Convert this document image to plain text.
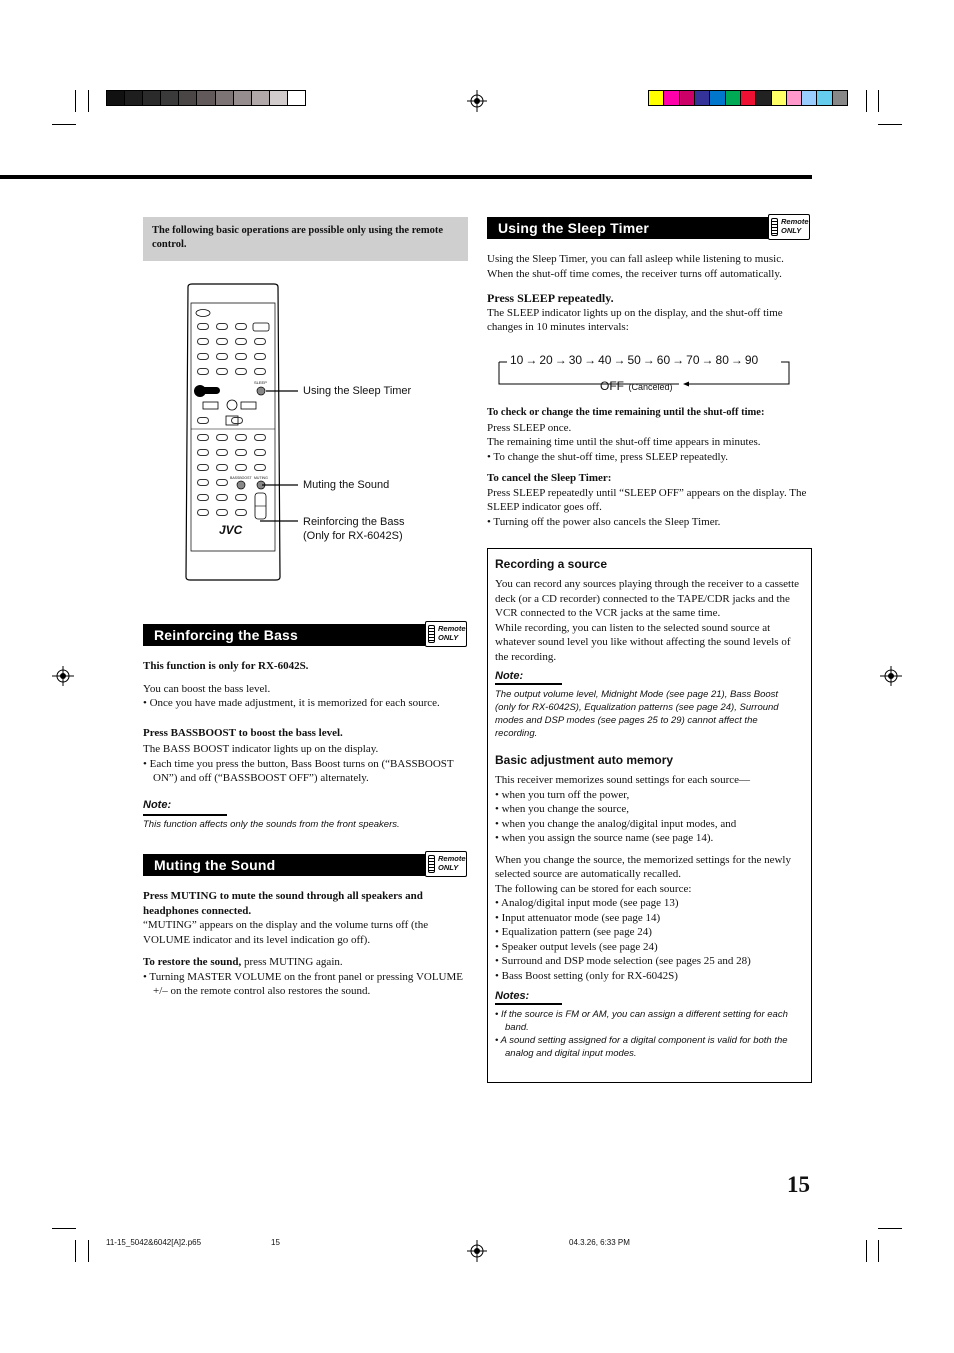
The following basic operations are possible only using the remote control.

SLEEP
BASSBOOST MUTING
JVC
Using the Sleep Timer
Muting the Sound
Reinforcing the Bass
(Only for RX-6042S)
Reinforcing the Bass	Remote
ONLY

This function is only for RX-6042S.

You can boost the bass level.

• Once you have made adjustment, it is memorized for each source.

Press BASSBOOST to boost the bass level.

The BASS BOOST indicator lights up on the display.

• Each time you press the button, Bass Boost turns on (“BASSBOOST ON”) and off (“BASSBOOST OFF”) alternately.

Note:

This function affects only the sounds from the front speakers.

Muting the Sound	Remote
ONLY

Press MUTING to mute the sound through all speakers and headphones connected.

“MUTING” appears on the display and the volume turns off (the VOLUME indicator and its level indication go off).

To restore the sound, press MUTING again.

• Turning MASTER VOLUME on the front panel or pressing VOLUME +/– on the remote control also restores the sound.

Using the Sleep Timer	Remote
ONLY

Using the Sleep Timer, you can fall asleep while listening to music. When the shut-off time comes, the receiver turns off automatically.

Press SLEEP repeatedly.

The SLEEP indicator lights up on the display, and the shut-off time changes in 10 minutes intervals:

10 → 20 → 30 → 40 → 50 → 60 → 70 → 80 → 90
OFF (Canceled)

To check or change the time remaining until the shut-off time:

Press SLEEP once.

The remaining time until the shut-off time appears in minutes.

• To change the shut-off time, press SLEEP repeatedly.

To cancel the Sleep Timer:

Press SLEEP repeatedly until “SLEEP OFF” appears on the display. The SLEEP indicator goes off.

• Turning off the power also cancels the Sleep Timer.

Recording a source

You can record any sources playing through the receiver to a cassette deck (or a CD recorder) connected to the TAPE/CDR jacks and the VCR connected to the VCR jacks at the same time.

While recording, you can listen to the selected sound source at whatever sound level you like without affecting the sound levels of the recording.

Note:

The output volume level, Midnight Mode (see page 21), Bass Boost (only for RX-6042S), Equalization patterns (see page 24), Surround modes and DSP modes (see pages 25 to 29) cannot affect the recording.

Basic adjustment auto memory

This receiver memorizes sound settings for each source—

• when you turn off the power,

• when you change the source,

• when you change the analog/digital input modes, and

• when you assign the source name (see page 14).

When you change the source, the memorized settings for the newly selected source are automatically recalled.

The following can be stored for each source:

• Analog/digital input mode (see page 13)

• Input attenuator mode (see page 14)

• Equalization pattern (see page 24)

• Speaker output levels (see page 24)

• Surround and DSP mode selection (see pages 25 and 28)

• Bass Boost setting (only for RX-6042S)

Notes:

• If the source is FM or AM, you can assign a different setting for each band.

• A sound setting assigned for a digital component is valid for both the analog and digital input modes.

15
11-15_5042&6042[A]2.p65	15	04.3.26, 6:33 PM
